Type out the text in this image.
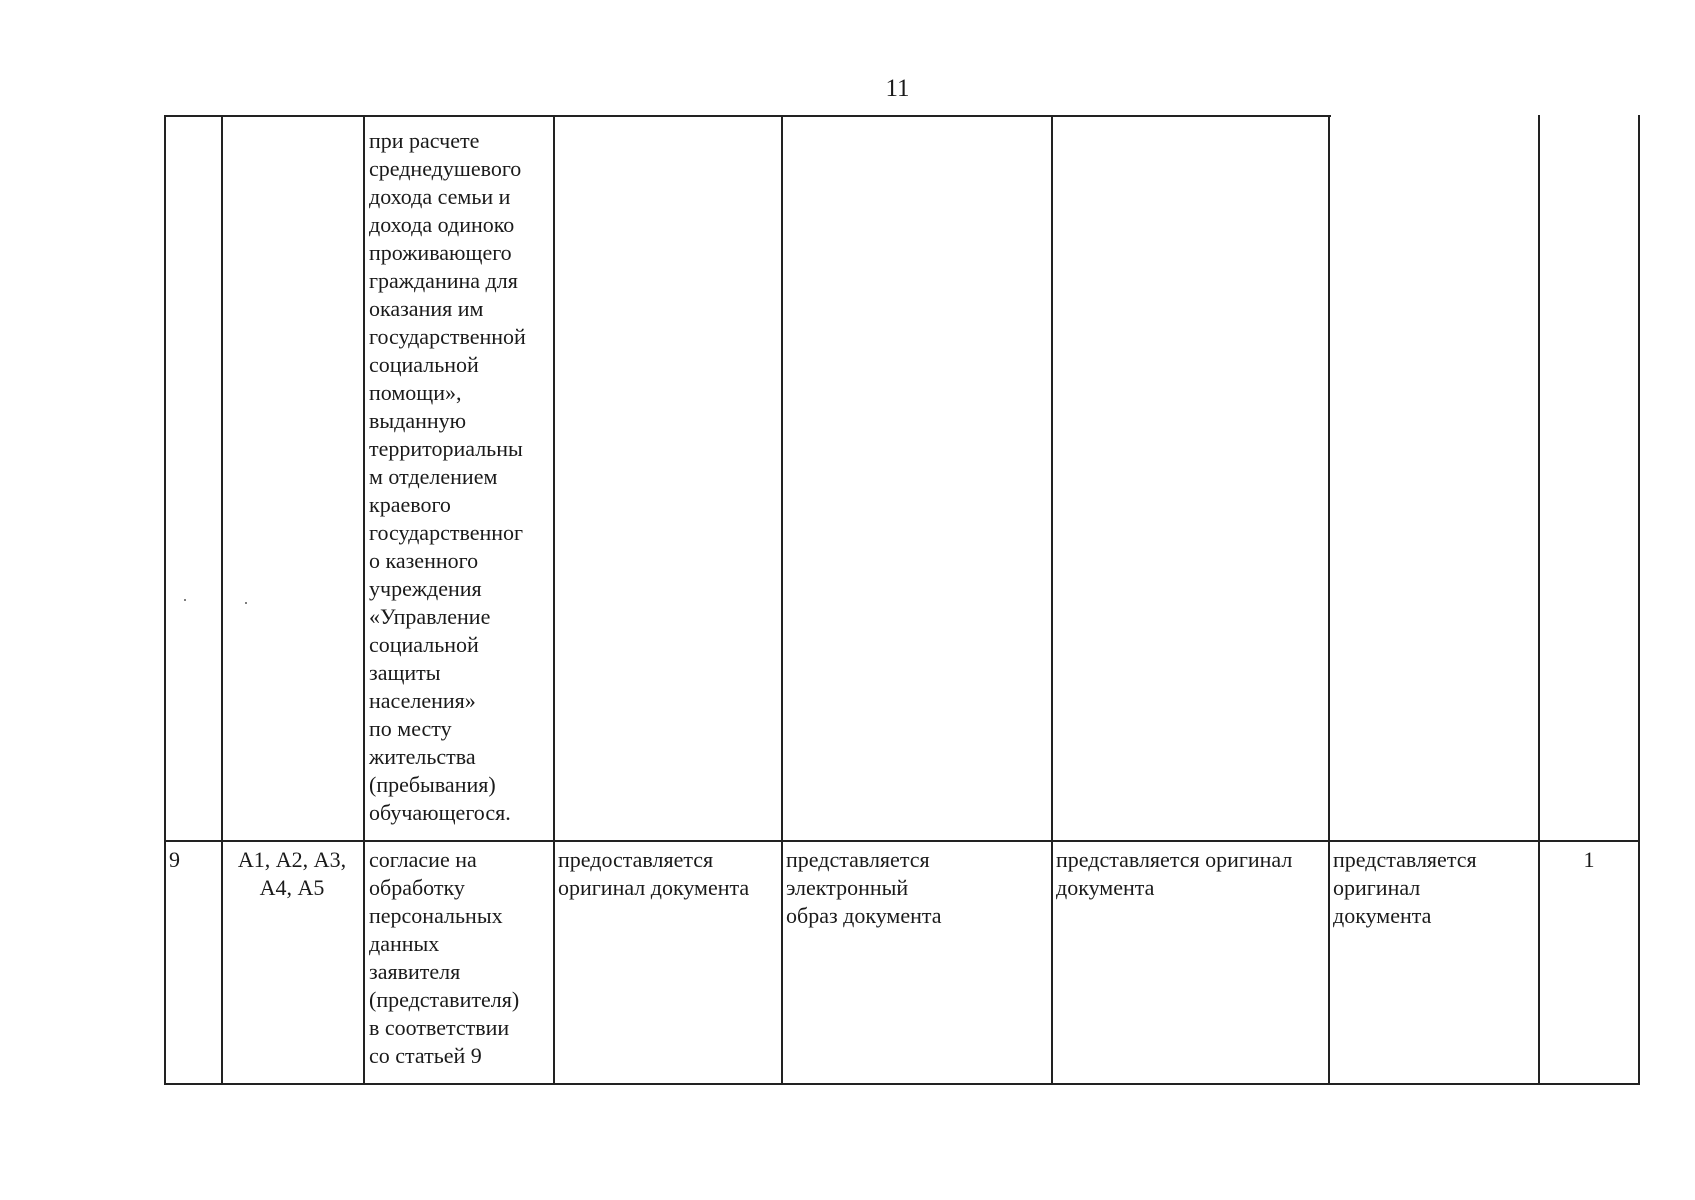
11
при расчете
среднедушевого
дохода семьи и
дохода одиноко
проживающего
гражданина для
оказания им
государственной
социальной
помощи»,
выданную
территориальны
м отделением
краевого
государственног
о казенного
учреждения
«Управление
социальной
защиты
населения»
по месту
жительства
(пребывания)
обучающегося.
9	А1, А2, А3,
А4, А5
согласие на
обработку
персональных
данных
заявителя
(представителя)
в соответствии
со статьей 9
предоставляется
оригинал документа
представляется
электронный
образ документа
представляется оригинал
документа
представляется
оригинал
документа
1
